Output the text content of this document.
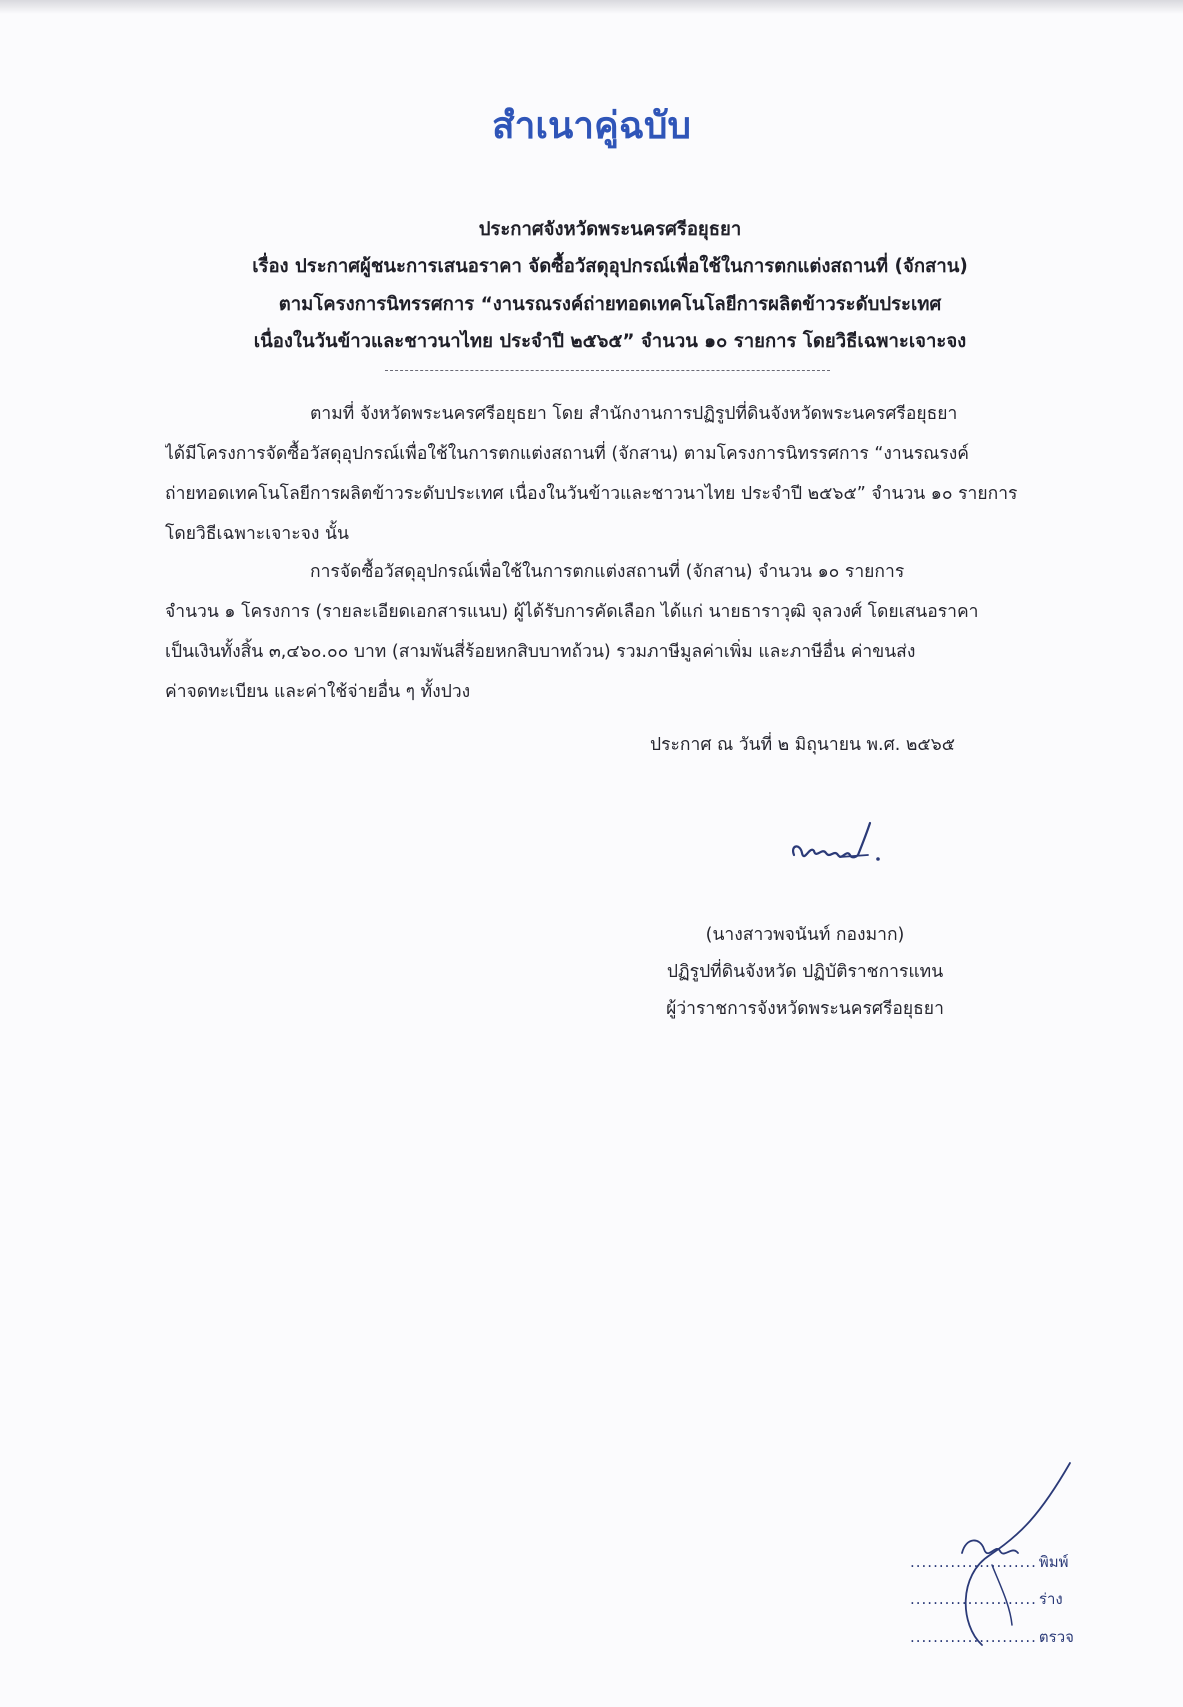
สำเนาคู่ฉบับ
ประกาศจังหวัดพระนครศรีอยุธยา
เรื่อง ประกาศผู้ชนะการเสนอราคา จัดซื้อวัสดุอุปกรณ์เพื่อใช้ในการตกแต่งสถานที่ (จักสาน)
ตามโครงการนิทรรศการ “งานรณรงค์ถ่ายทอดเทคโนโลยีการผลิตข้าวระดับประเทศ
เนื่องในวันข้าวและชาวนาไทย ประจำปี ๒๕๖๕” จำนวน ๑๐ รายการ โดยวิธีเฉพาะเจาะจง
ตามที่ จังหวัดพระนครศรีอยุธยา โดย สำนักงานการปฏิรูปที่ดินจังหวัดพระนครศรีอยุธยา
ได้มีโครงการจัดซื้อวัสดุอุปกรณ์เพื่อใช้ในการตกแต่งสถานที่ (จักสาน) ตามโครงการนิทรรศการ “งานรณรงค์
ถ่ายทอดเทคโนโลยีการผลิตข้าวระดับประเทศ เนื่องในวันข้าวและชาวนาไทย ประจำปี ๒๕๖๕” จำนวน ๑๐ รายการ
โดยวิธีเฉพาะเจาะจง นั้น
การจัดซื้อวัสดุอุปกรณ์เพื่อใช้ในการตกแต่งสถานที่ (จักสาน) จำนวน ๑๐ รายการ
จำนวน ๑ โครงการ (รายละเอียดเอกสารแนบ) ผู้ได้รับการคัดเลือก ได้แก่ นายธาราวุฒิ จุลวงศ์ โดยเสนอราคา
เป็นเงินทั้งสิ้น ๓,๔๖๐.๐๐ บาท (สามพันสี่ร้อยหกสิบบาทถ้วน) รวมภาษีมูลค่าเพิ่ม และภาษีอื่น ค่าขนส่ง
ค่าจดทะเบียน และค่าใช้จ่ายอื่น ๆ ทั้งปวง
ประกาศ ณ วันที่ ๒ มิถุนายน พ.ศ. ๒๕๖๕
(นางสาวพจนันท์ กองมาก)
ปฏิรูปที่ดินจังหวัด ปฏิบัติราชการแทน
ผู้ว่าราชการจังหวัดพระนครศรีอยุธยา
...................... พิมพ์
...................... ร่าง
...................... ตรวจ
